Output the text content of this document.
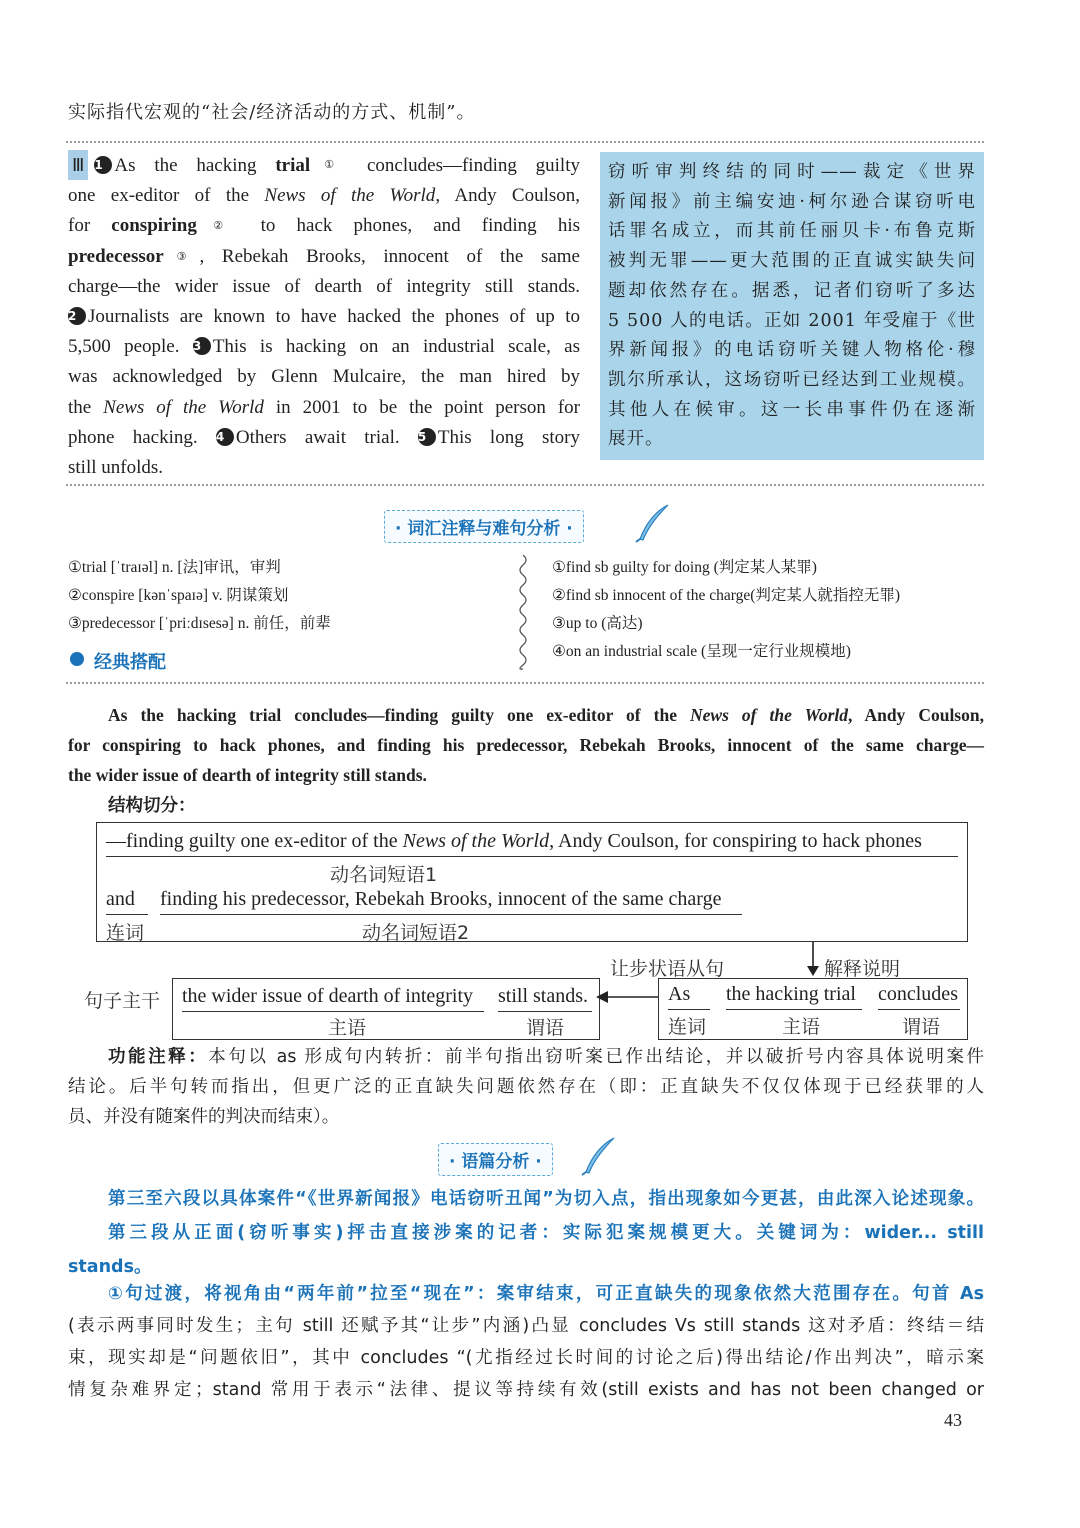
实际指代宏观的“社会/经济活动的方式、机制”。
Ⅲ 1 As the hacking trial① concludes—finding guilty
one ex-editor of the News of the World, Andy Coulson,
for conspiring② to hack phones, and finding his
predecessor③, Rebekah Brooks, innocent of the same
charge—the wider issue of dearth of integrity still stands.
2 Journalists are known to have hacked the phones of up to
5,500 people. 3 This is hacking on an industrial scale, as
was acknowledged by Glenn Mulcaire, the man hired by
the News of the World in 2001 to be the point person for
phone hacking. 4 Others await trial. 5 This long story
still unfolds.
窃听审判终结的同时——裁定《世界
新闻报》前主编安迪·柯尔逊合谋窃听电
话罪名成立，而其前任丽贝卡·布鲁克斯
被判无罪——更大范围的正直诚实缺失问
题却依然存在。据悉，记者们窃听了多达
5 500 人的电话。正如 2001 年受雇于《世
界新闻报》的电话窃听关键人物格伦·穆
凯尔所承认，这场窃听已经达到工业规模。
其他人在候审。这一长串事件仍在逐渐
展开。
· 词汇注释与难句分析 ·
①trial [ˈtraɪəl] n. [法]审讯，审判
②conspire [kənˈspaɪə] v. 阴谋策划
③predecessor [ˈpriːdɪsesə] n. 前任，前辈
经典搭配
①find sb guilty for doing (判定某人某罪)
②find sb innocent of the charge(判定某人就指控无罪)
③up to (高达)
④on an industrial scale (呈现一定行业规模地)
As the hacking trial concludes—finding guilty one ex-editor of the News of the World, Andy Coulson,
for conspiring to hack phones, and finding his predecessor, Rebekah Brooks, innocent of the same charge—
the wider issue of dearth of integrity still stands.
结构切分：
—finding guilty one ex-editor of the News of the World, Andy Coulson, for conspiring to hack phones
动名词短语1
and
连词
finding his predecessor, Rebekah Brooks, innocent of the same charge
动名词短语2
让步状语从句	解释说明
句子主干 the wider issue of dearth of integrity
主语
still stands.
谓语
As
连词
the hacking trial
主语
concludes
谓语
功能注释：本句以 as 形成句内转折：前半句指出窃听案已作出结论，并以破折号内容具体说明案件
结论。后半句转而指出，但更广泛的正直缺失问题依然存在（即：正直缺失不仅仅体现于已经获罪的人
员、并没有随案件的判决而结束）。
· 语篇分析 ·
第三至六段以具体案件“《世界新闻报》电话窃听丑闻”为切入点，指出现象如今更甚，由此深入论述现象。
第三段从正面(窃听事实)抨击直接涉案的记者：实际犯案规模更大。关键词为：wider... still
stands。
①句过渡，将视角由“两年前”拉至“现在”：案审结束，可正直缺失的现象依然大范围存在。句首 As
(表示两事同时发生；主句 still 还赋予其“让步”内涵)凸显 concludes Vs still stands 这对矛盾：终结＝结
束，现实却是“问题依旧”，其中 concludes “(尤指经过长时间的讨论之后)得出结论/作出判决”，暗示案
情复杂难界定；stand 常用于表示“法律、提议等持续有效(still exists and has not been changed or
43
